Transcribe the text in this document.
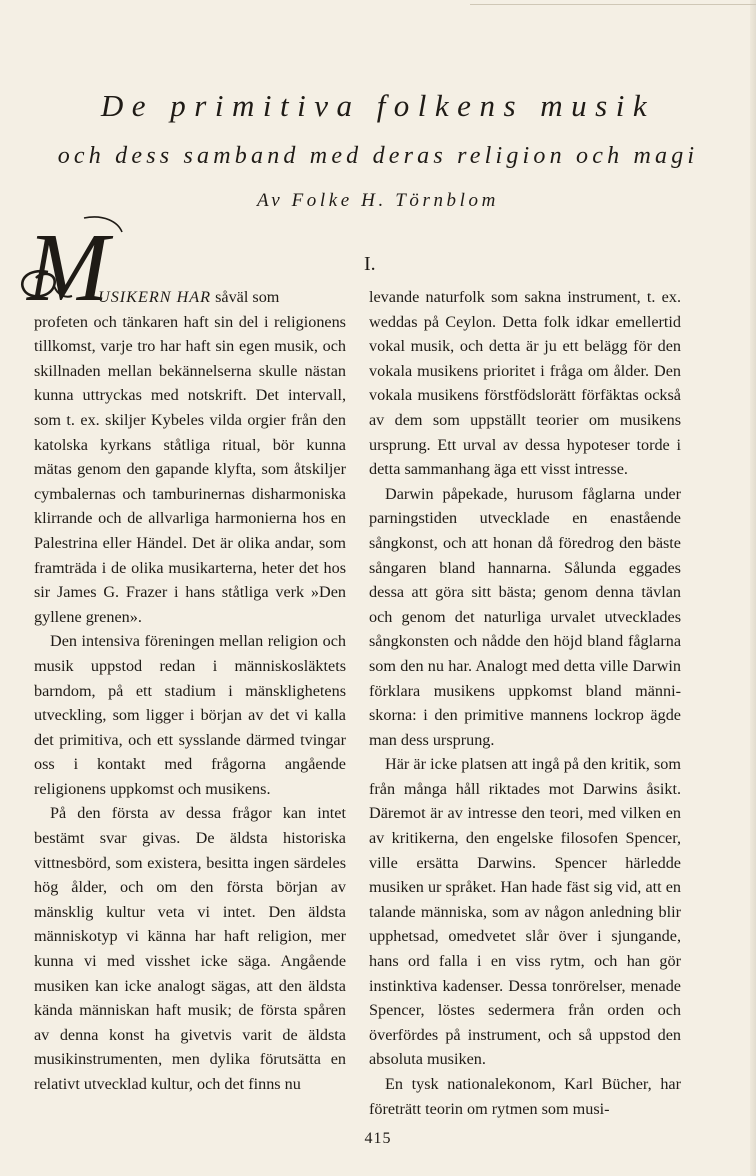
De primitiva folkens musik
och dess samband med deras religion och magi
Av Folke H. Törnblom
I.
M

USIKERN HAR såväl som
profeten och tänkaren haft sin del i religionens tillkomst, varje tro har haft sin egen musik, och skillnaden mellan bekännelserna skulle nästan kunna uttryckas med notskrift. Det intervall, som t. ex. skiljer Kybeles vilda orgier från den katolska kyrkans ståtliga ritual, bör kunna mätas genom den gapande klyfta, som åtskiljer cymbalernas och tamburinernas disharmoniska klirrande och de allvarliga harmonierna hos en Palestrina eller Händel. Det är olika andar, som framträda i de olika musikarterna, heter det hos sir James G. Frazer i hans ståtliga verk »Den gyllene grenen».

Den intensiva föreningen mellan religion och musik uppstod redan i människosläktets barndom, på ett stadium i mänsklighetens utveckling, som ligger i början av det vi kalla det primitiva, och ett sysslande därmed tvingar oss i kontakt med frågorna angående religionens uppkomst och musikens.

På den första av dessa frågor kan intet bestämt svar givas. De äldsta historiska vittnesbörd, som existera, besitta ingen särdeles hög ålder, och om den första början av mänsklig kultur veta vi intet. Den äldsta människotyp vi känna har haft religion, mer kunna vi med visshet icke säga. Angående musiken kan icke analogt sägas, att den äldsta kända människan haft musik; de första spåren av denna konst ha givetvis varit de äldsta musikinstrumenten, men dylika förutsätta en relativt utvecklad kultur, och det finns nu

levande naturfolk som sakna instrument, t. ex. weddas på Ceylon. Detta folk idkar emellertid vokal musik, och detta är ju ett belägg för den vokala musikens prioritet i fråga om ålder. Den vokala musikens förstfödslorätt förfäktas också av dem som uppställt teorier om musikens ursprung. Ett urval av dessa hypoteser torde i detta sammanhang äga ett visst intresse.

Darwin påpekade, hurusom fåglarna under parningstiden utvecklade en enastående sångkonst, och att honan då föredrog den bäste sångaren bland hannarna. Sålunda eggades dessa att göra sitt bästa; genom denna tävlan och genom det naturliga urvalet utvecklades sångkonsten och nådde den höjd bland fåglarna som den nu har. Analogt med detta ville Darwin förklara musikens uppkomst bland människorna: i den primitive mannens lockrop ägde man dess ursprung.

Här är icke platsen att ingå på den kritik, som från många håll riktades mot Darwins åsikt. Däremot är av intresse den teori, med vilken en av kritikerna, den engelske filosofen Spencer, ville ersätta Darwins. Spencer härledde musiken ur språket. Han hade fäst sig vid, att en talande människa, som av någon anledning blir upphetsad, omedvetet slår över i sjungande, hans ord falla i en viss rytm, och han gör instinktiva kadenser. Dessa tonrörelser, menade Spencer, löstes sedermera från orden och överfördes på instrument, och så uppstod den absoluta musiken.

En tysk nationalekonom, Karl Bücher, har företrätt teorin om rytmen som musi-

415
